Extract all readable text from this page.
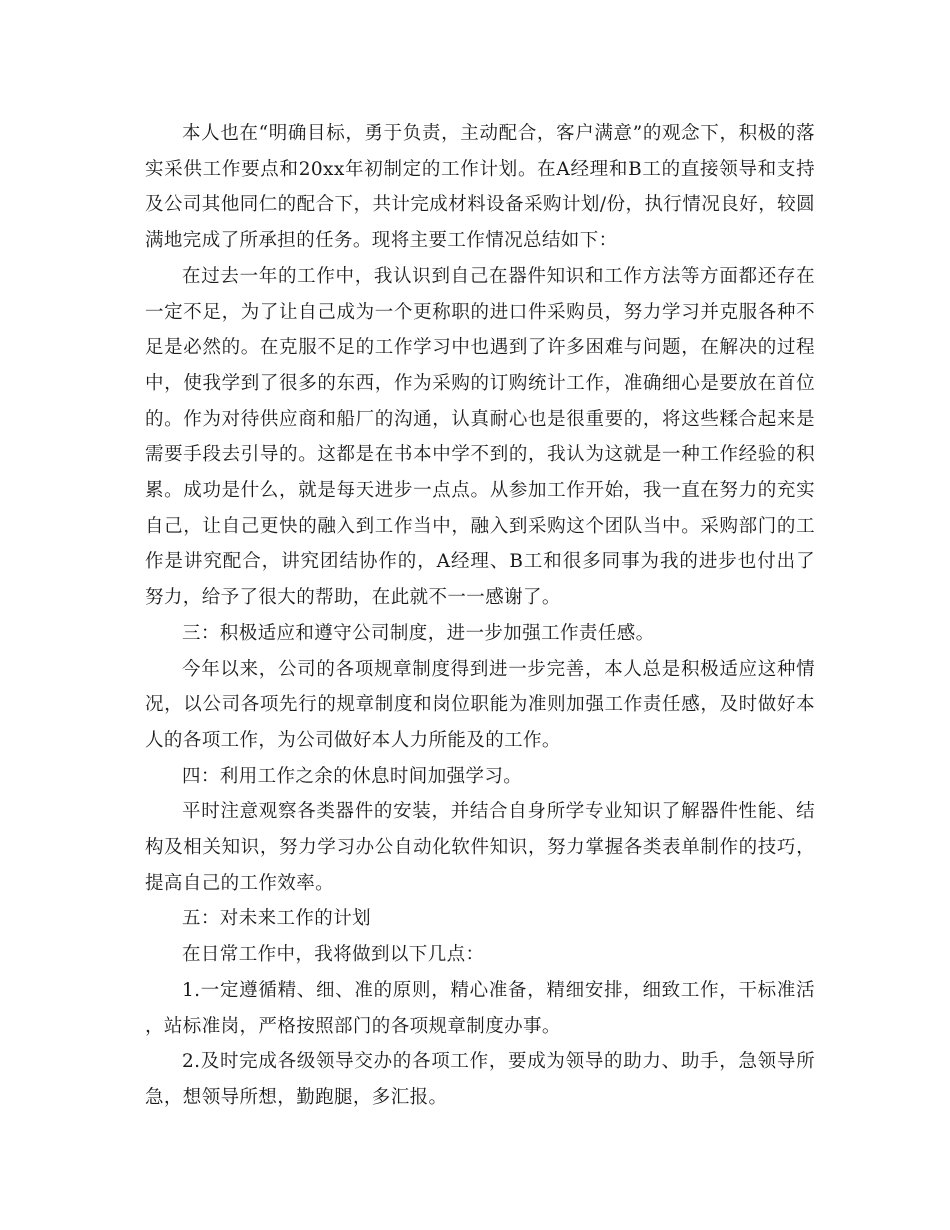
本人也在“明确目标，勇于负责，主动配合，客户满意”的观念下，积极的落实采供工作要点和20xx年初制定的工作计划。在A经理和B工的直接领导和支持及公司其他同仁的配合下，共计完成材料设备采购计划/份，执行情况良好，较圆满地完成了所承担的任务。现将主要工作情况总结如下：

在过去一年的工作中，我认识到自己在器件知识和工作方法等方面都还存在一定不足，为了让自己成为一个更称职的进口件采购员，努力学习并克服各种不足是必然的。在克服不足的工作学习中也遇到了许多困难与问题，在解决的过程中，使我学到了很多的东西，作为采购的订购统计工作，准确细心是要放在首位的。作为对待供应商和船厂的沟通，认真耐心也是很重要的，将这些糅合起来是需要手段去引导的。这都是在书本中学不到的，我认为这就是一种工作经验的积累。成功是什么，就是每天进步一点点。从参加工作开始，我一直在努力的充实自己，让自己更快的融入到工作当中，融入到采购这个团队当中。采购部门的工作是讲究配合，讲究团结协作的，A经理、B工和很多同事为我的进步也付出了努力，给予了很大的帮助，在此就不一一感谢了。

三：积极适应和遵守公司制度，进一步加强工作责任感。

今年以来，公司的各项规章制度得到进一步完善，本人总是积极适应这种情况，以公司各项先行的规章制度和岗位职能为准则加强工作责任感，及时做好本人的各项工作，为公司做好本人力所能及的工作。

四：利用工作之余的休息时间加强学习。

平时注意观察各类器件的安装，并结合自身所学专业知识了解器件性能、结构及相关知识，努力学习办公自动化软件知识，努力掌握各类表单制作的技巧，提高自己的工作效率。

五：对未来工作的计划

在日常工作中，我将做到以下几点：

1.一定遵循精、细、准的原则，精心准备，精细安排，细致工作，干标准活，站标准岗，严格按照部门的各项规章制度办事。

2.及时完成各级领导交办的各项工作，要成为领导的助力、助手，急领导所急，想领导所想，勤跑腿，多汇报。
